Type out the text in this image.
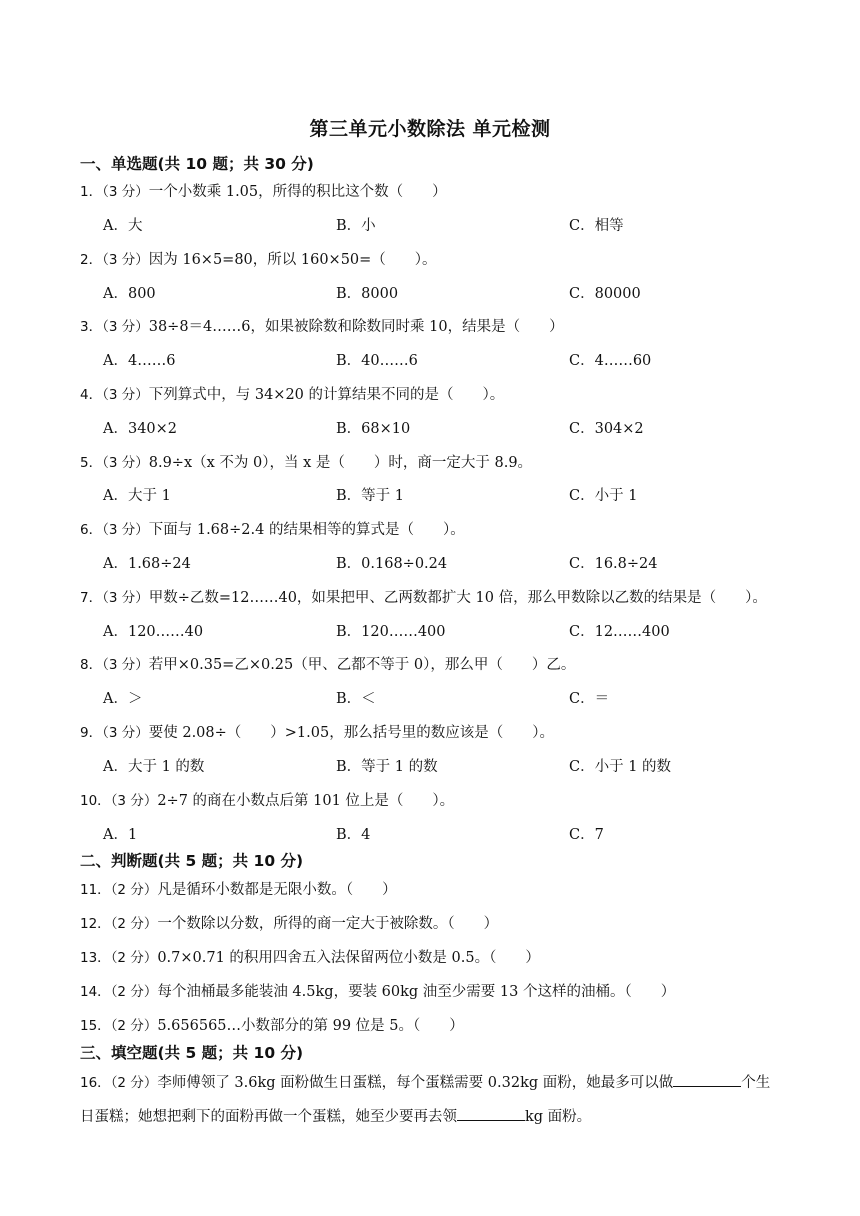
第三单元小数除法 单元检测
一、单选题(共 10 题；共 30 分)
1．（3 分）一个小数乘 1.05，所得的积比这个数（　　）
A．大	B．小	C．相等
2．（3 分）因为 16×5=80，所以 160×50=（　　）。
A．800	B．8000	C．80000
3．（3 分）38÷8＝4……6，如果被除数和除数同时乘 10，结果是（　　）
A．4……6	B．40……6	C．4……60
4．（3 分）下列算式中，与 34×20 的计算结果不同的是（　　）。
A．340×2	B．68×10	C．304×2
5．（3 分）8.9÷x（x 不为 0），当 x 是（　　）时，商一定大于 8.9。
A．大于 1	B．等于 1	C．小于 1
6．（3 分）下面与 1.68÷2.4 的结果相等的算式是（　　）。
A．1.68÷24	B．0.168÷0.24	C．16.8÷24
7．（3 分）甲数÷乙数=12……40，如果把甲、乙两数都扩大 10 倍，那么甲数除以乙数的结果是（　　）。
A．120……40	B．120……400	C．12……400
8．（3 分）若甲×0.35=乙×0.25（甲、乙都不等于 0），那么甲（　　）乙。
A．＞	B．＜	C．＝
9．（3 分）要使 2.08÷（　　）>1.05，那么括号里的数应该是（　　）。
A．大于 1 的数	B．等于 1 的数	C．小于 1 的数
10．（3 分）2÷7 的商在小数点后第 101 位上是（　　）。
A．1	B．4	C．7
二、判断题(共 5 题；共 10 分)
11．（2 分）凡是循环小数都是无限小数。（　　）
12．（2 分）一个数除以分数，所得的商一定大于被除数。（　　）
13．（2 分）0.7×0.71 的积用四舍五入法保留两位小数是 0.5。（　　）
14．（2 分）每个油桶最多能装油 4.5kg，要装 60kg 油至少需要 13 个这样的油桶。（　　）
15．（2 分）5.656565…小数部分的第 99 位是 5。（　　）
三、填空题(共 5 题；共 10 分)
16．（2 分）李师傅领了 3.6kg 面粉做生日蛋糕，每个蛋糕需要 0.32kg 面粉，她最多可以做	个生
日蛋糕；她想把剩下的面粉再做一个蛋糕，她至少要再去领	kg 面粉。
